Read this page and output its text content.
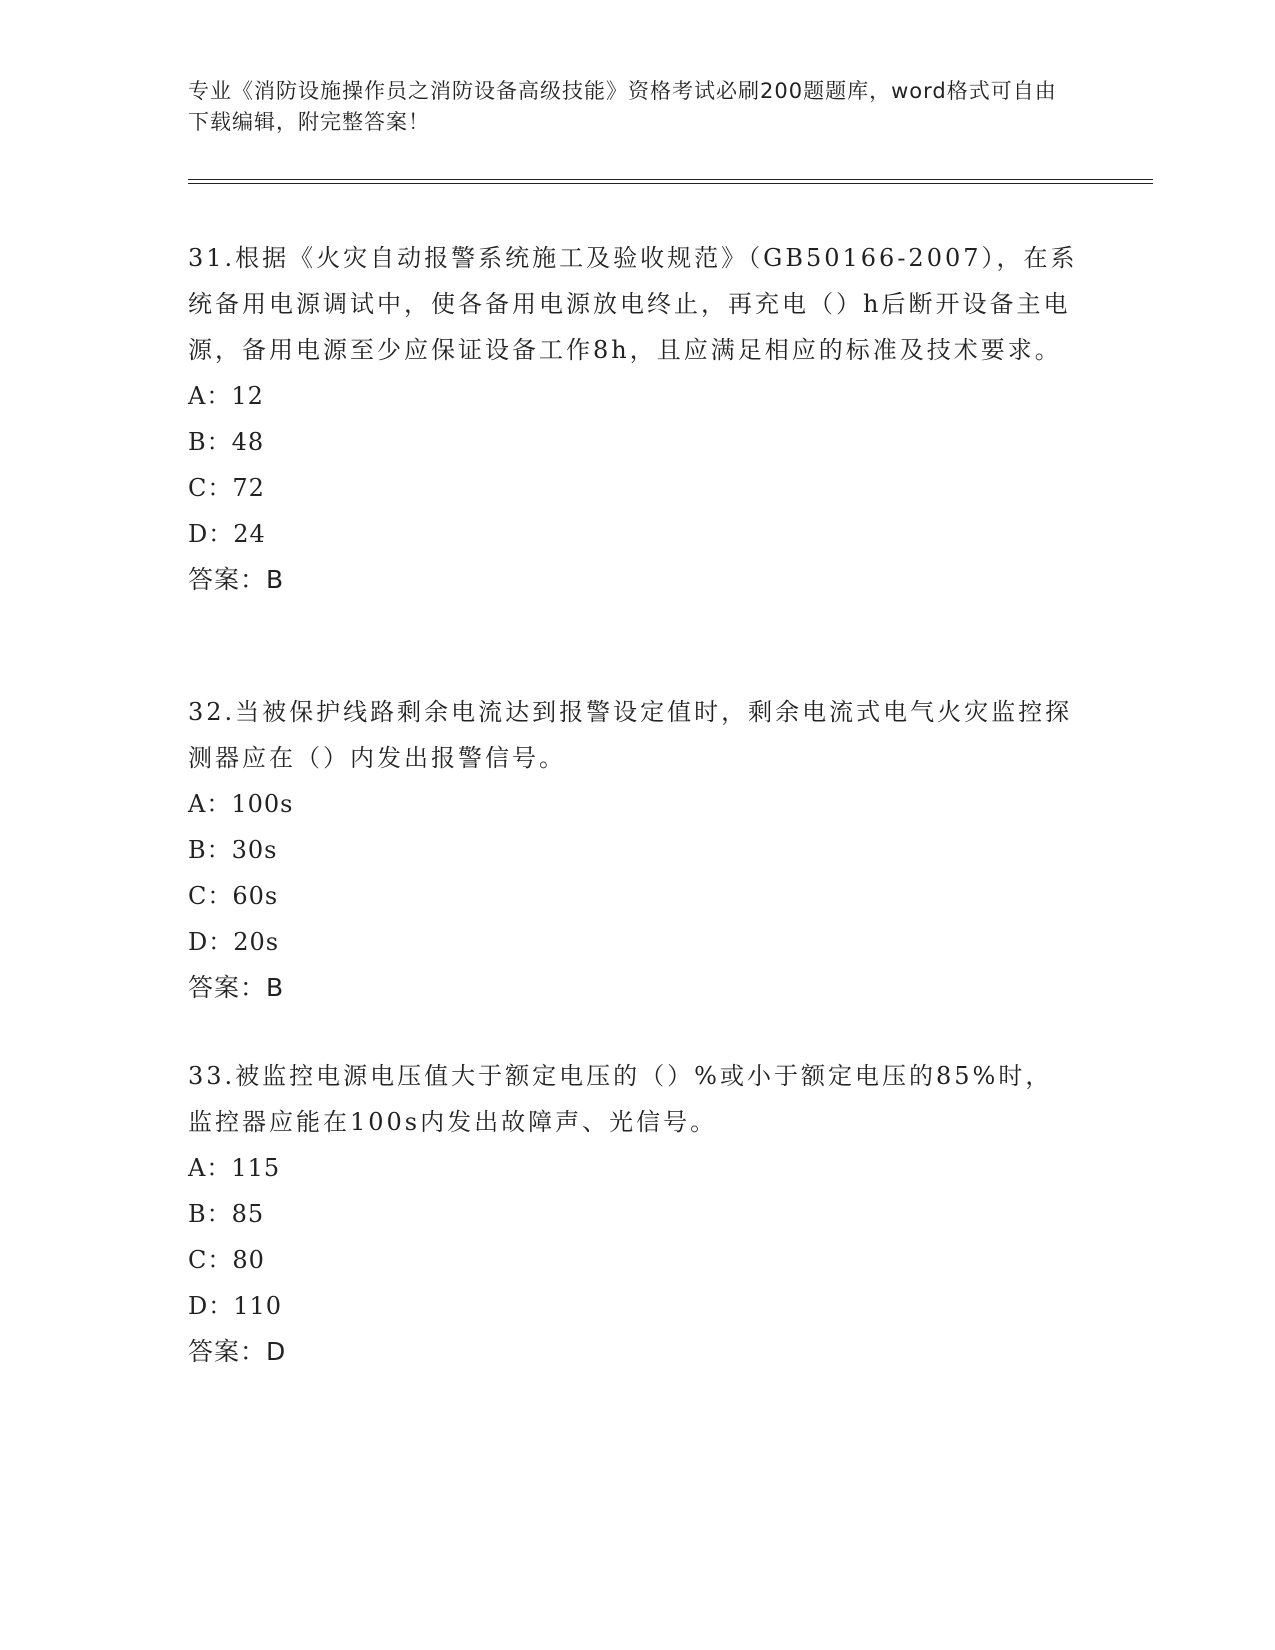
专业《消防设施操作员之消防设备高级技能》资格考试必刷200题题库，word格式可自由下载编辑，附完整答案！

31.根据《火灾自动报警系统施工及验收规范》（GB50166-2007），在系统备用电源调试中，使各备用电源放电终止，再充电（）h后断开设备主电源，备用电源至少应保证设备工作8h，且应满足相应的标准及技术要求。

A：12

B：48

C：72

D：24

答案：B

32.当被保护线路剩余电流达到报警设定值时，剩余电流式电气火灾监控探测器应在（）内发出报警信号。

A：100s

B：30s

C：60s

D：20s

答案：B

33.被监控电源电压值大于额定电压的（）%或小于额定电压的85%时，监控器应能在100s内发出故障声、光信号。

A：115

B：85

C：80

D：110

答案：D
